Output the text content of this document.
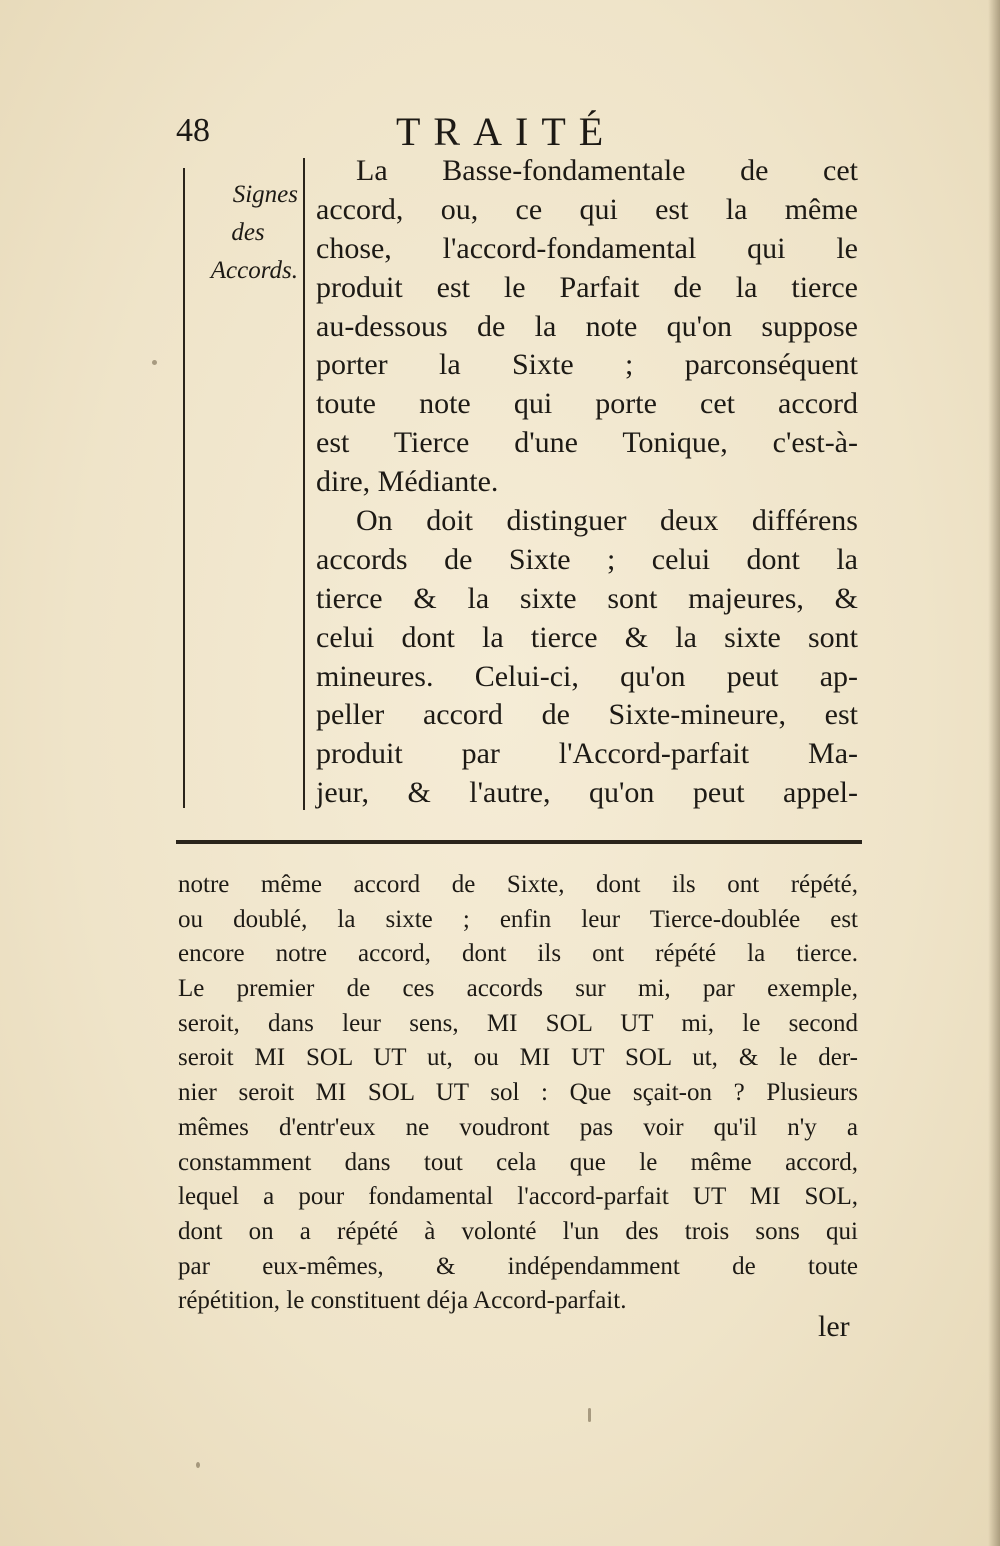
48	TRAITÉ
Signes
des
Accords.
La Basse-fondamentale de cet
accord, ou, ce qui est la même
chose, l'accord-fondamental qui le
produit est le Parfait de la tierce
au-dessous de la note qu'on suppose
porter la Sixte ; parconséquent
toute note qui porte cet accord
est Tierce d'une Tonique, c'est-à-
dire, Médiante.
On doit distinguer deux différens
accords de Sixte ; celui dont la
tierce & la sixte sont majeures, &
celui dont la tierce & la sixte sont
mineures. Celui-ci, qu'on peut ap-
peller accord de Sixte-mineure, est
produit par l'Accord-parfait Ma-
jeur, & l'autre, qu'on peut appel-
notre même accord de Sixte, dont ils ont répété,
ou doublé, la sixte ; enfin leur Tierce-doublée est
encore notre accord, dont ils ont répété la tierce.
Le premier de ces accords sur mi, par exemple,
seroit, dans leur sens, MI SOL UT mi, le second
seroit MI SOL UT ut, ou MI UT SOL ut, & le der-
nier seroit MI SOL UT sol : Que sçait-on ? Plusieurs
mêmes d'entr'eux ne voudront pas voir qu'il n'y a
constamment dans tout cela que le même accord,
lequel a pour fondamental l'accord-parfait UT MI SOL,
dont on a répété à volonté l'un des trois sons qui
par eux-mêmes, & indépendamment de toute
répétition, le constituent déja Accord-parfait.
ler
